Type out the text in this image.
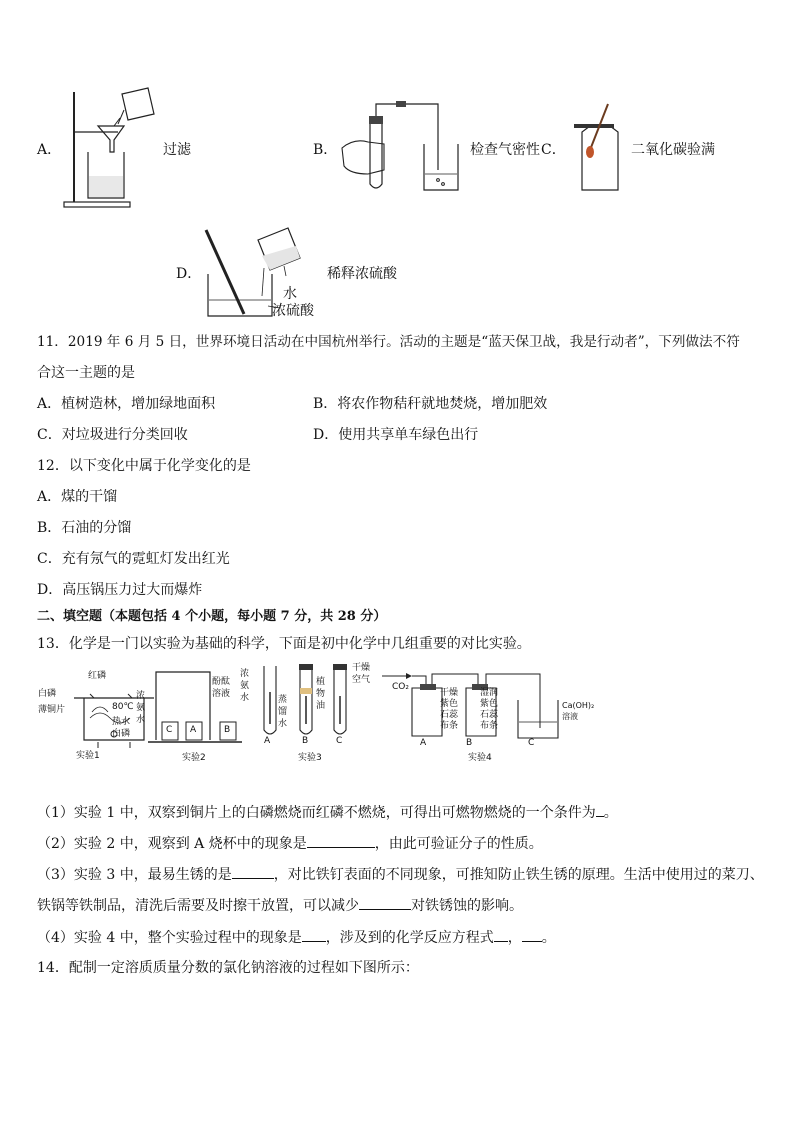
A．	过滤	B．	检查气密性 C．	二氧化碳验满
D．
水
浓硫酸
稀释浓硫酸
11．2019 年 6 月 5 日，世界环境日活动在中国杭州举行。活动的主题是“蓝天保卫战，我是行动者”，下列做法不符
合这一主题的是
A．植树造林，增加绿地面积	B．将农作物秸秆就地焚烧，增加肥效
C．对垃圾进行分类回收	D．使用共享单车绿色出行
12．以下变化中属于化学变化的是
A．煤的干馏
B．石油的分馏
C．充有氖气的霓虹灯发出红光
D．高压锅压力过大而爆炸
二、填空题（本题包括 4 个小题，每小题 7 分，共 28 分）
13．化学是一门以实验为基础的科学，下面是初中化学中几组重要的对比实验。
红磷
白磷
薄铜片	80℃
热水
白磷
实验1
C A	B
浓氨水
酚酞溶液
浓氨水
实验2
蒸馏水
植物油
干燥空气
A	B	C
实验3
CO₂
干燥紫色石蕊布条
湿润紫色石蕊布条
Ca(OH)₂溶液
A	B	C
实验4
（1）实验 1 中，双察到铜片上的白磷燃烧而红磷不燃烧，可得出可燃物燃烧的一个条件为 。
（2）实验 2 中，观察到 A 烧杯中的现象是	，由此可验证分子的性质。
（3）实验 3 中，最易生锈的是	，对比铁钉表面的不同现象，可推知防止铁生锈的原理。生活中使用过的菜刀、
铁锅等铁制品，清洗后需要及时擦干放置，可以减少	对铁锈蚀的影响。
（4）实验 4 中，整个实验过程中的现象是 ，涉及到的化学反应方程式 ， 。
14．配制一定溶质质量分数的氯化钠溶液的过程如下图所示：
